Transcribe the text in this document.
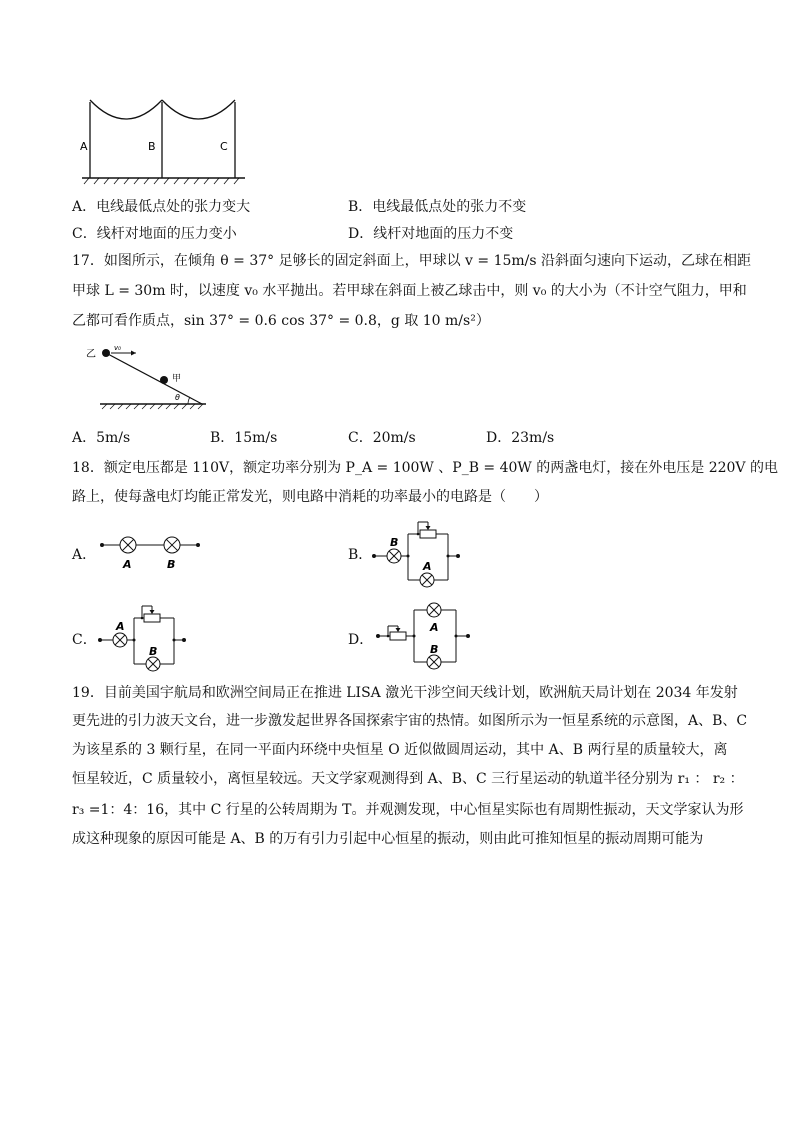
A	B	C
A．电线最低点处的张力变大	B．电线最低点处的张力不变
C．线杆对地面的压力变小	D．线杆对地面的压力不变
17．如图所示，在倾角 θ = 37° 足够长的固定斜面上，甲球以 v = 15m/s 沿斜面匀速向下运动，乙球在相距
甲球 L = 30m 时，以速度 v₀ 水平抛出。若甲球在斜面上被乙球击中，则 v₀ 的大小为（不计空气阻力，甲和
乙都可看作质点，sin 37° = 0.6 cos 37° = 0.8，g 取 10 m/s²）
乙
v₀
甲
θ
A．5m/s	B．15m/s	C．20m/s	D．23m/s
18．额定电压都是 110V，额定功率分别为 P_A = 100W 、P_B = 40W 的两盏电灯，接在外电压是 220V 的电
路上，使每盏电灯均能正常发光，则电路中消耗的功率最小的电路是（　　）
A．
A	B
B．
B
A
C．
A
B
D．
A
B
19．目前美国宇航局和欧洲空间局正在推进 LISA 激光干涉空间天线计划，欧洲航天局计划在 2034 年发射
更先进的引力波天文台，进一步激发起世界各国探索宇宙的热情。如图所示为一恒星系统的示意图，A、B、C
为该星系的 3 颗行星，在同一平面内环绕中央恒星 O 近似做圆周运动，其中 A、B 两行星的质量较大，离
恒星较近，C 质量较小，离恒星较远。天文学家观测得到 A、B、C 三行星运动的轨道半径分别为 r₁ ： r₂ ：
r₃ =1：4：16，其中 C 行星的公转周期为 T。并观测发现，中心恒星实际也有周期性振动，天文学家认为形
成这种现象的原因可能是 A、B 的万有引力引起中心恒星的振动，则由此可推知恒星的振动周期可能为
